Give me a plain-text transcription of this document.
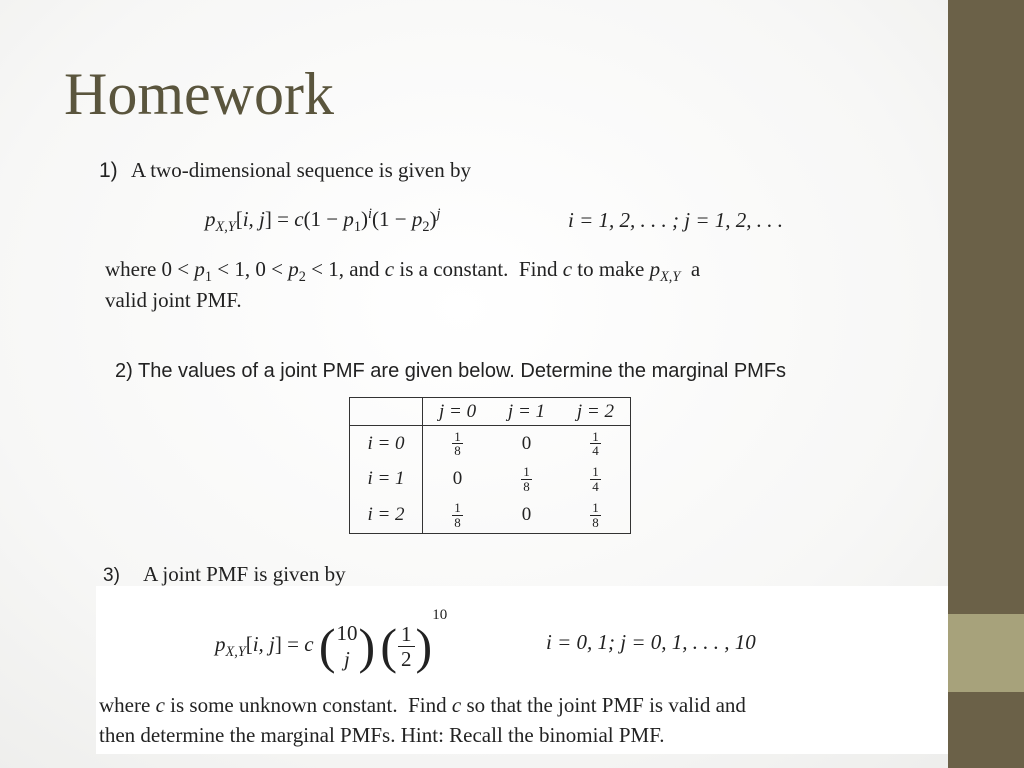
Homework
1) A two-dimensional sequence is given by
$p_{X,Y}[i$, $j] = c(1 - p_1)^i(1 - p_2)^j$	i = 1, 2, . . . ; j = 1, 2, . . .
where $0 < p_1 < 1$, $0 < p_2 < 1$, and c is a constant.  Find c to make $p_{X,Y}$  a
valid joint PMF.
2) The values of a joint PMF are given below. Determine the marginal PMFs
	j = 0	j = 1	j = 2
i = 0	$\frac{1}{8}$	0	$\frac{1}{4}$

i = 1	0	$\frac{1}{8}$	$\frac{1}{4}$

i = 2	$\frac{1}{8}$	0	$\frac{1}{8}$
3) A joint PMF is given by
$p_{X,Y}[i$, j] = c ( 10
j ) ( $\frac{1}{2} )^{10}$
i = 0, 1; j = 0, 1, . . . , 10
where c is some unknown constant.  Find c so that the joint PMF is valid and
then determine the marginal PMFs. Hint: Recall the binomial PMF.
